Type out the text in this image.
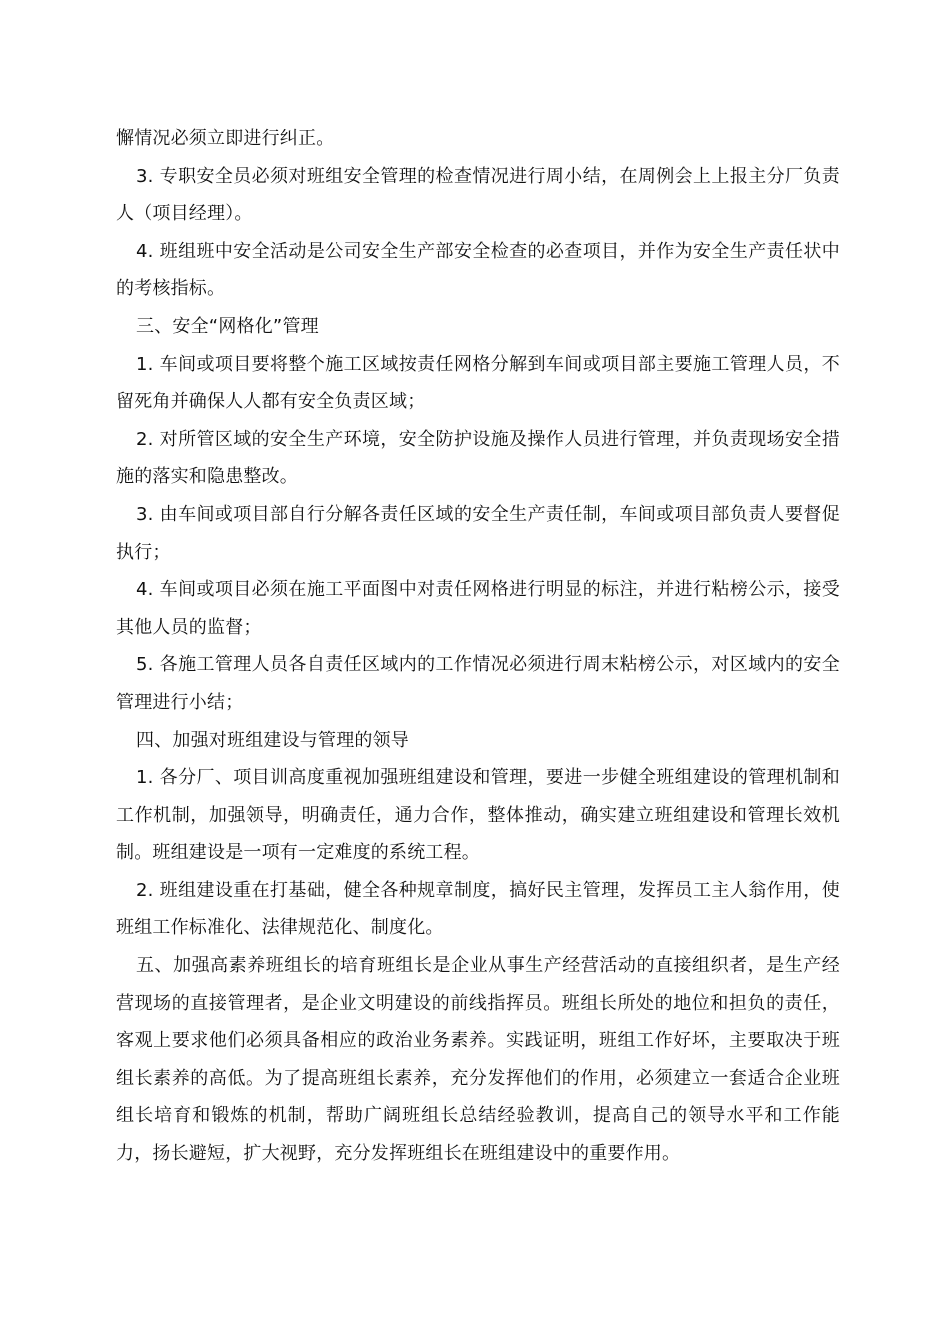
懈情况必须立即进行纠正。

3. 专职安全员必须对班组安全管理的检查情况进行周小结，在周例会上上报主分厂负责人（项目经理）。

4. 班组班中安全活动是公司安全生产部安全检查的必查项目，并作为安全生产责任状中的考核指标。

三、安全“网格化”管理

1. 车间或项目要将整个施工区域按责任网格分解到车间或项目部主要施工管理人员，不留死角并确保人人都有安全负责区域；

2. 对所管区域的安全生产环境，安全防护设施及操作人员进行管理，并负责现场安全措施的落实和隐患整改。

3. 由车间或项目部自行分解各责任区域的安全生产责任制，车间或项目部负责人要督促执行；

4. 车间或项目必须在施工平面图中对责任网格进行明显的标注，并进行粘榜公示，接受其他人员的监督；

5. 各施工管理人员各自责任区域内的工作情况必须进行周末粘榜公示，对区域内的安全管理进行小结；

四、加强对班组建设与管理的领导

1. 各分厂、项目训高度重视加强班组建设和管理，要进一步健全班组建设的管理机制和工作机制，加强领导，明确责任，通力合作，整体推动，确实建立班组建设和管理长效机制。班组建设是一项有一定难度的系统工程。

2. 班组建设重在打基础，健全各种规章制度，搞好民主管理，发挥员工主人翁作用，使班组工作标准化、法律规范化、制度化。

五、加强高素养班组长的培育班组长是企业从事生产经营活动的直接组织者，是生产经营现场的直接管理者，是企业文明建设的前线指挥员。班组长所处的地位和担负的责任，客观上要求他们必须具备相应的政治业务素养。实践证明，班组工作好坏，主要取决于班组长素养的高低。为了提高班组长素养，充分发挥他们的作用，必须建立一套适合企业班组长培育和锻炼的机制，帮助广阔班组长总结经验教训，提高自己的领导水平和工作能力，扬长避短，扩大视野，充分发挥班组长在班组建设中的重要作用。
